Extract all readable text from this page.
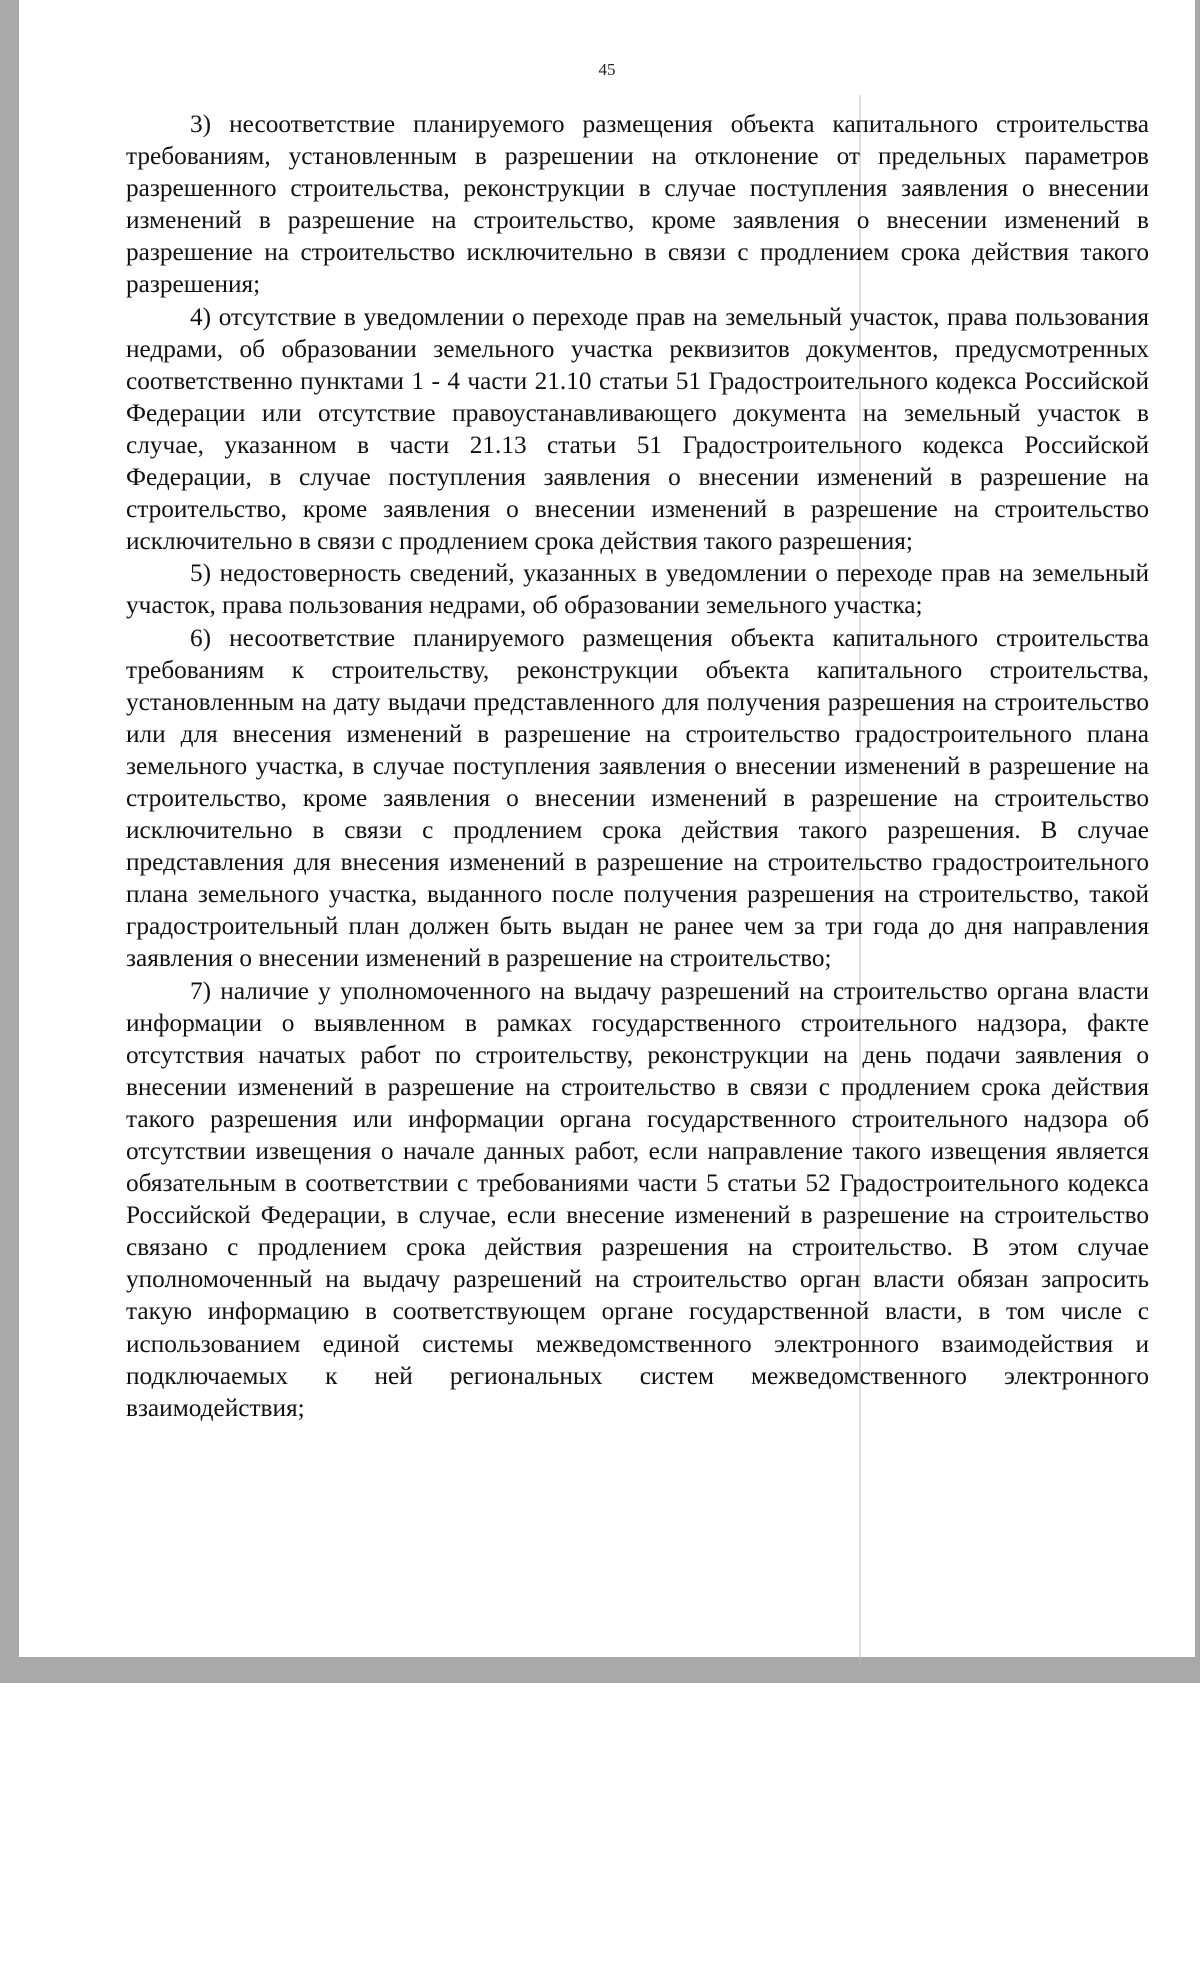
45

3) несоответствие планируемого размещения объекта капитального строительства требованиям, установленным в разрешении на отклонение от предельных параметров разрешенного строительства, реконструкции в случае поступления заявления о внесении изменений в разрешение на строительство, кроме заявления о внесении изменений в разрешение на строительство исключительно в связи с продлением срока действия такого разрешения;

4) отсутствие в уведомлении о переходе прав на земельный участок, права пользования недрами, об образовании земельного участка реквизитов документов, предусмотренных соответственно пунктами 1 - 4 части 21.10 статьи 51 Градостроительного кодекса Российской Федерации или отсутствие правоустанавливающего документа на земельный участок в случае, указанном в части 21.13 статьи 51 Градостроительного кодекса Российской Федерации, в случае поступления заявления о внесении изменений в разрешение на строительство, кроме заявления о внесении изменений в разрешение на строительство исключительно в связи с продлением срока действия такого разрешения;

5) недостоверность сведений, указанных в уведомлении о переходе прав на земельный участок, права пользования недрами, об образовании земельного участка;

6) несоответствие планируемого размещения объекта капитального строительства требованиям к строительству, реконструкции объекта капитального строительства, установленным на дату выдачи представленного для получения разрешения на строительство или для внесения изменений в разрешение на строительство градостроительного плана земельного участка, в случае поступления заявления о внесении изменений в разрешение на строительство, кроме заявления о внесении изменений в разрешение на строительство исключительно в связи с продлением срока действия такого разрешения. В случае представления для внесения изменений в разрешение на строительство градостроительного плана земельного участка, выданного после получения разрешения на строительство, такой градостроительный план должен быть выдан не ранее чем за три года до дня направления заявления о внесении изменений в разрешение на строительство;

7) наличие у уполномоченного на выдачу разрешений на строительство органа власти информации о выявленном в рамках государственного строительного надзора, факте отсутствия начатых работ по строительству, реконструкции на день подачи заявления о внесении изменений в разрешение на строительство в связи с продлением срока действия такого разрешения или информации органа государственного строительного надзора об отсутствии извещения о начале данных работ, если направление такого извещения является обязательным в соответствии с требованиями части 5 статьи 52 Градостроительного кодекса Российской Федерации, в случае, если внесение изменений в разрешение на строительство связано с продлением срока действия разрешения на строительство. В этом случае уполномоченный на выдачу разрешений на строительство орган власти обязан запросить такую информацию в соответствующем органе государственной власти, в том числе с использованием единой системы межведомственного электронного взаимодействия и подключаемых к ней региональных систем межведомственного электронного взаимодействия;
